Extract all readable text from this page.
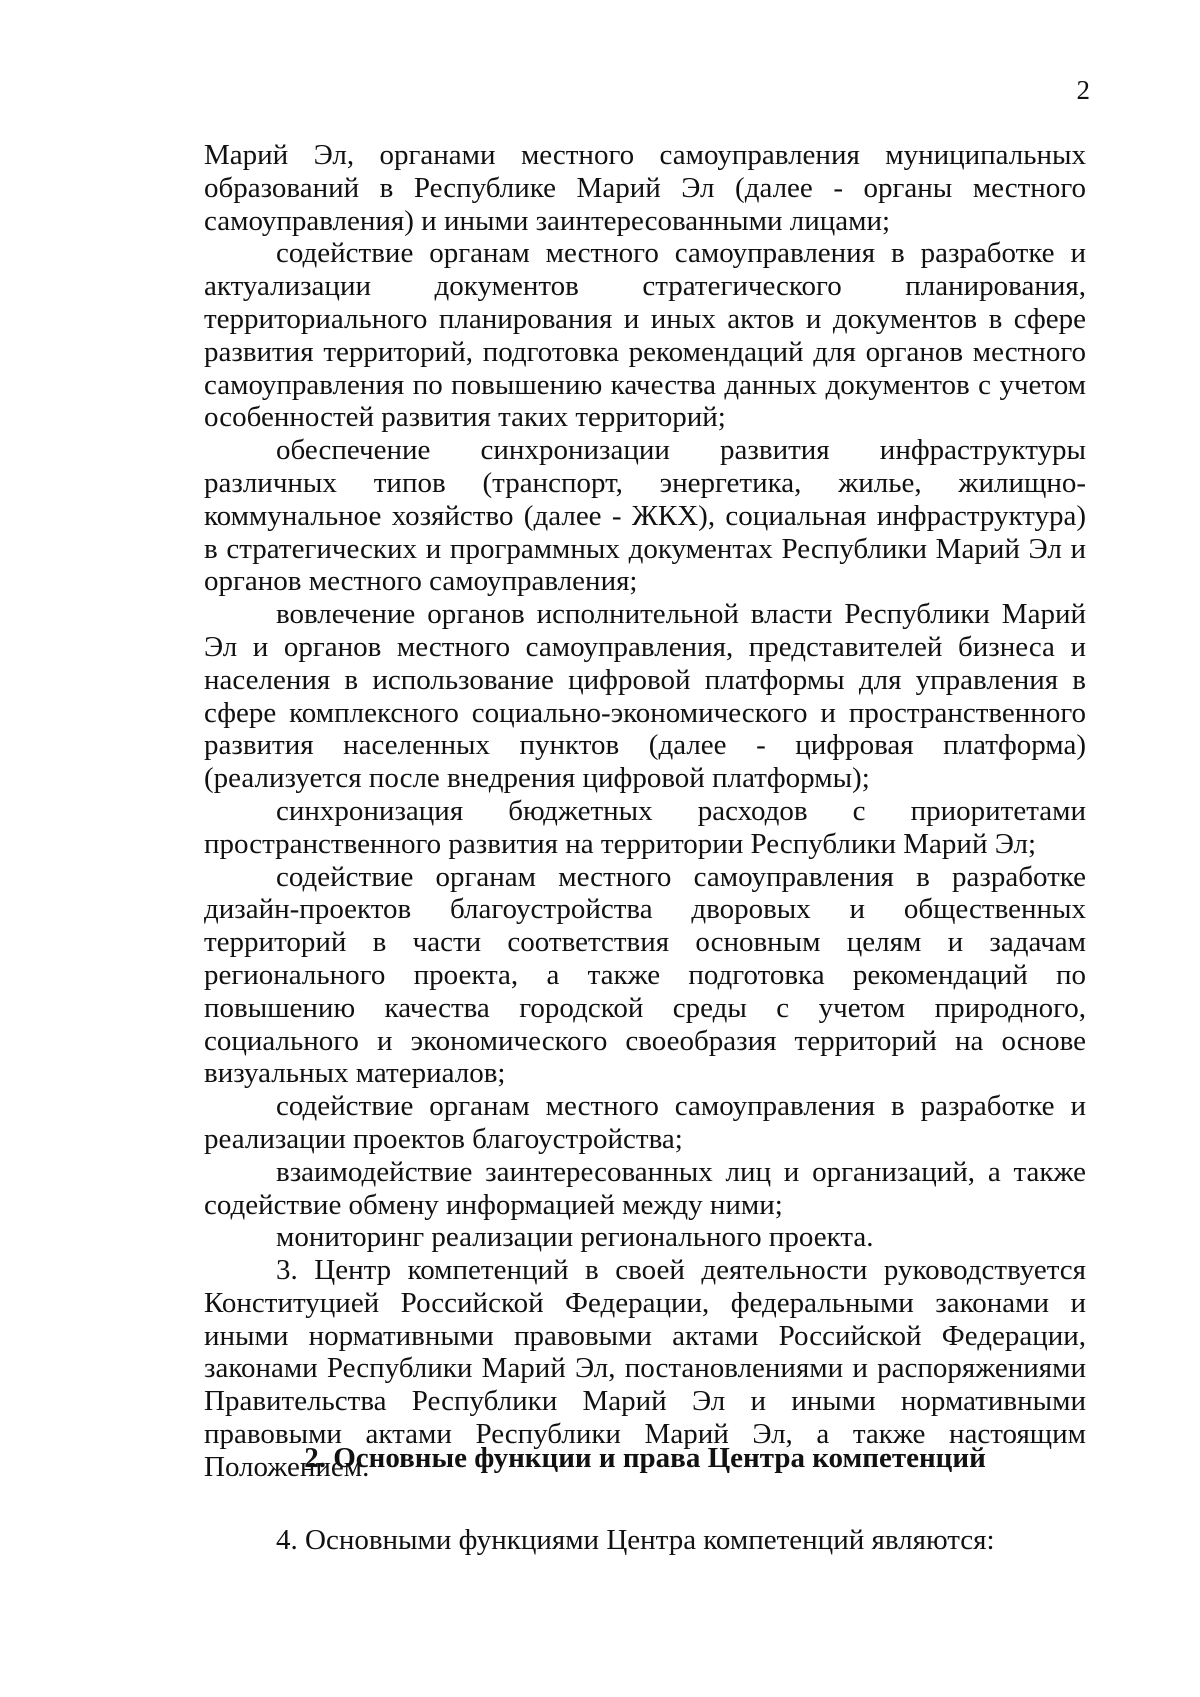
2

Марий Эл, органами местного самоуправления муниципальных образований в Республике Марий Эл (далее - органы местного самоуправления) и иными заинтересованными лицами;

содействие органам местного самоуправления в разработке и актуализации документов стратегического планирования, территориального планирования и иных актов и документов в сфере развития территорий, подготовка рекомендаций для органов местного самоуправления по повышению качества данных документов с учетом особенностей развития таких территорий;

обеспечение синхронизации развития инфраструктуры различных типов (транспорт, энергетика, жилье, жилищно-коммунальное хозяйство (далее - ЖКХ), социальная инфраструктура) в стратегических и программных документах Республики Марий Эл и органов местного самоуправления;

вовлечение органов исполнительной власти Республики Марий Эл и органов местного самоуправления, представителей бизнеса и населения в использование цифровой платформы для управления в сфере комплексного социально-экономического и пространственного развития населенных пунктов (далее - цифровая платформа) (реализуется после внедрения цифровой платформы);

синхронизация бюджетных расходов с приоритетами пространственного развития на территории Республики Марий Эл;

содействие органам местного самоуправления в разработке дизайн-проектов благоустройства дворовых и общественных территорий в части соответствия основным целям и задачам регионального проекта, а также подготовка рекомендаций по повышению качества городской среды с учетом природного, социального и экономического своеобразия территорий на основе визуальных материалов;

содействие органам местного самоуправления в разработке и реализации проектов благоустройства;

взаимодействие заинтересованных лиц и организаций, а также содействие обмену информацией между ними;

мониторинг реализации регионального проекта.

3. Центр компетенций в своей деятельности руководствуется Конституцией Российской Федерации, федеральными законами и иными нормативными правовыми актами Российской Федерации, законами Республики Марий Эл, постановлениями и распоряжениями Правительства Республики Марий Эл и иными нормативными правовыми актами Республики Марий Эл, а также настоящим Положением.

2. Основные функции и права Центра компетенций
4. Основными функциями Центра компетенций являются:
